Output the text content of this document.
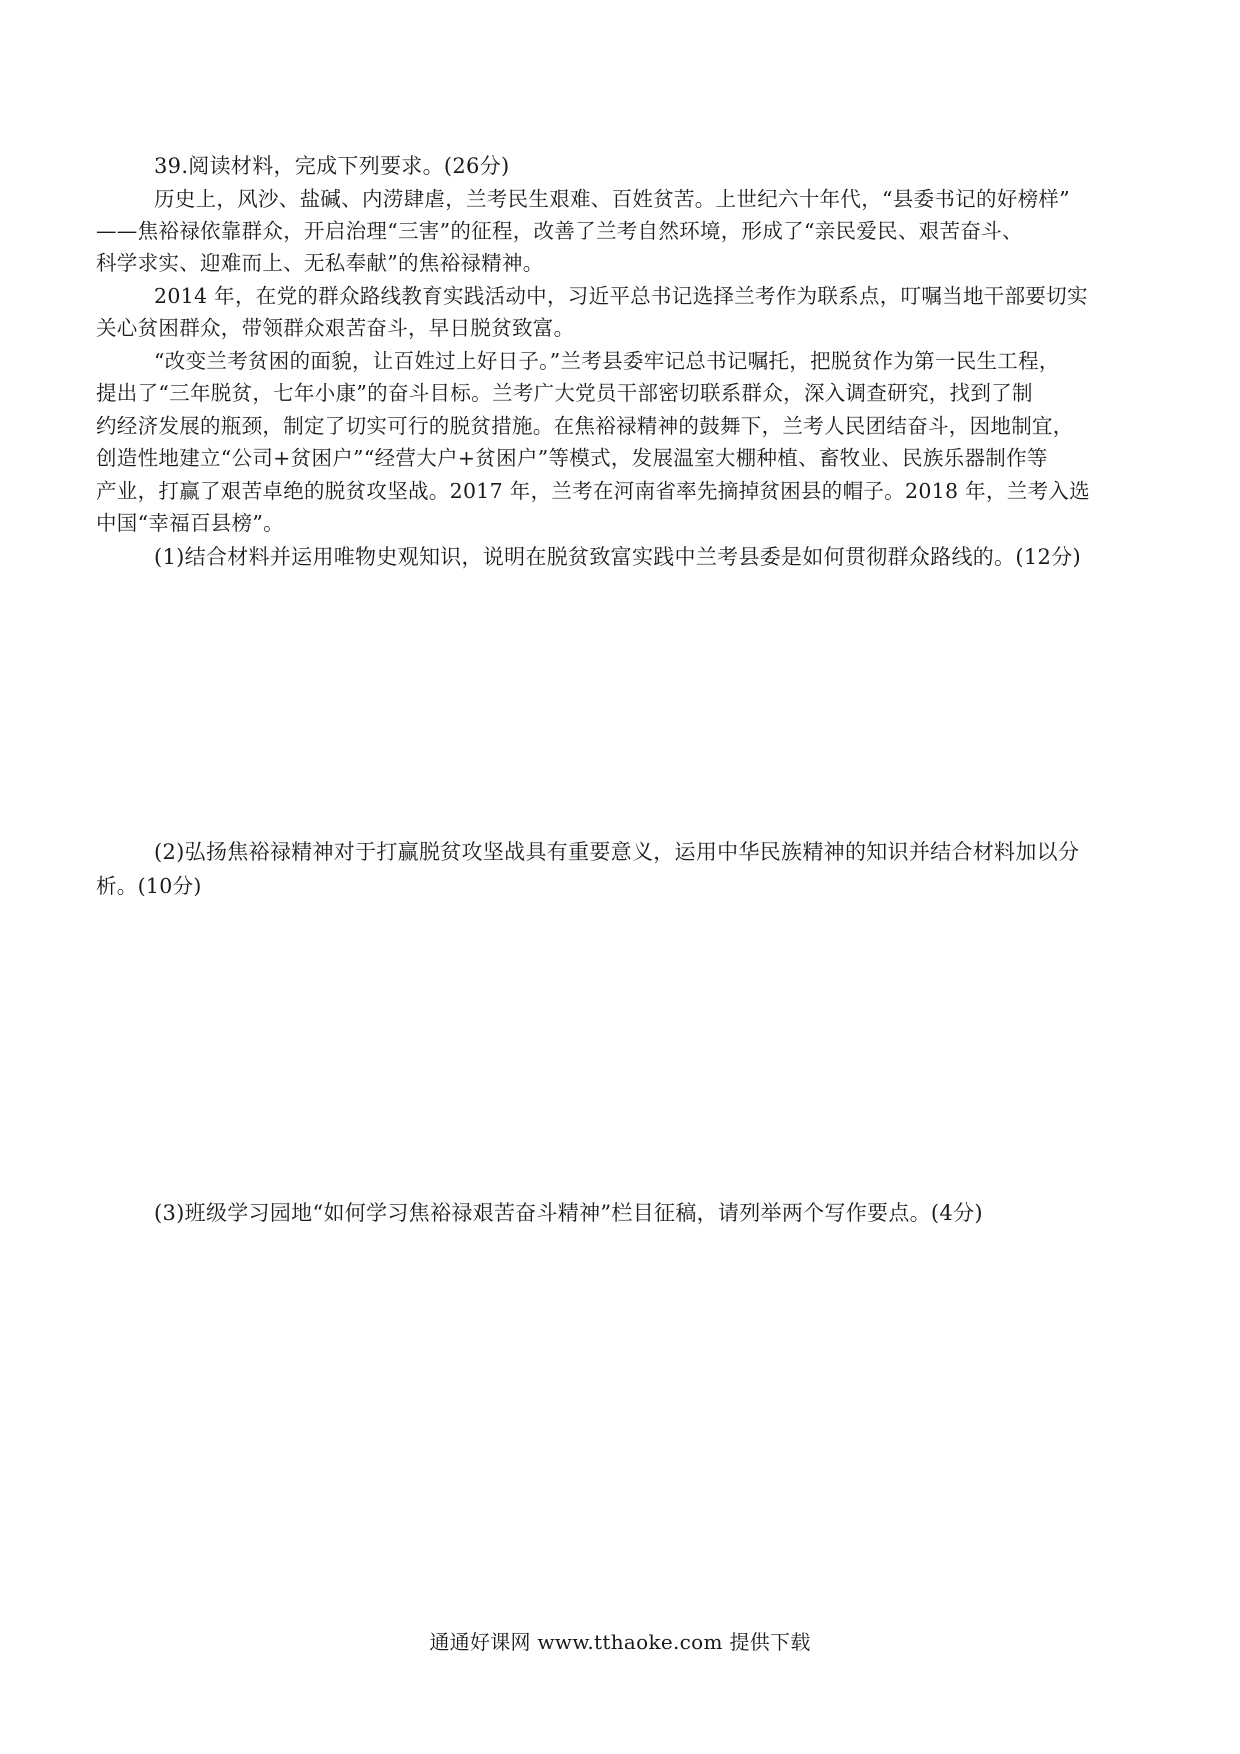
39.阅读材料，完成下列要求。(26分)
历史上，风沙、盐碱、内涝肆虐，兰考民生艰难、百姓贫苦。上世纪六十年代，“县委书记的好榜样”
——焦裕禄依靠群众，开启治理“三害”的征程，改善了兰考自然环境，形成了“亲民爱民、艰苦奋斗、
科学求实、迎难而上、无私奉献”的焦裕禄精神。
2014 年，在党的群众路线教育实践活动中，习近平总书记选择兰考作为联系点，叮嘱当地干部要切实
关心贫困群众，带领群众艰苦奋斗，早日脱贫致富。
“改变兰考贫困的面貌，让百姓过上好日子。”兰考县委牢记总书记嘱托，把脱贫作为第一民生工程，
提出了“三年脱贫，七年小康”的奋斗目标。兰考广大党员干部密切联系群众，深入调查研究，找到了制
约经济发展的瓶颈，制定了切实可行的脱贫措施。在焦裕禄精神的鼓舞下，兰考人民团结奋斗，因地制宜，
创造性地建立“公司+贫困户”“经营大户+贫困户”等模式，发展温室大棚种植、畜牧业、民族乐器制作等
产业，打赢了艰苦卓绝的脱贫攻坚战。2017 年，兰考在河南省率先摘掉贫困县的帽子。2018 年，兰考入选
中国“幸福百县榜”。
(1)结合材料并运用唯物史观知识，说明在脱贫致富实践中兰考县委是如何贯彻群众路线的。(12分)
(2)弘扬焦裕禄精神对于打赢脱贫攻坚战具有重要意义，运用中华民族精神的知识并结合材料加以分
析。(10分)
(3)班级学习园地“如何学习焦裕禄艰苦奋斗精神”栏目征稿，请列举两个写作要点。(4分)
通通好课网 www.tthaoke.com 提供下载
